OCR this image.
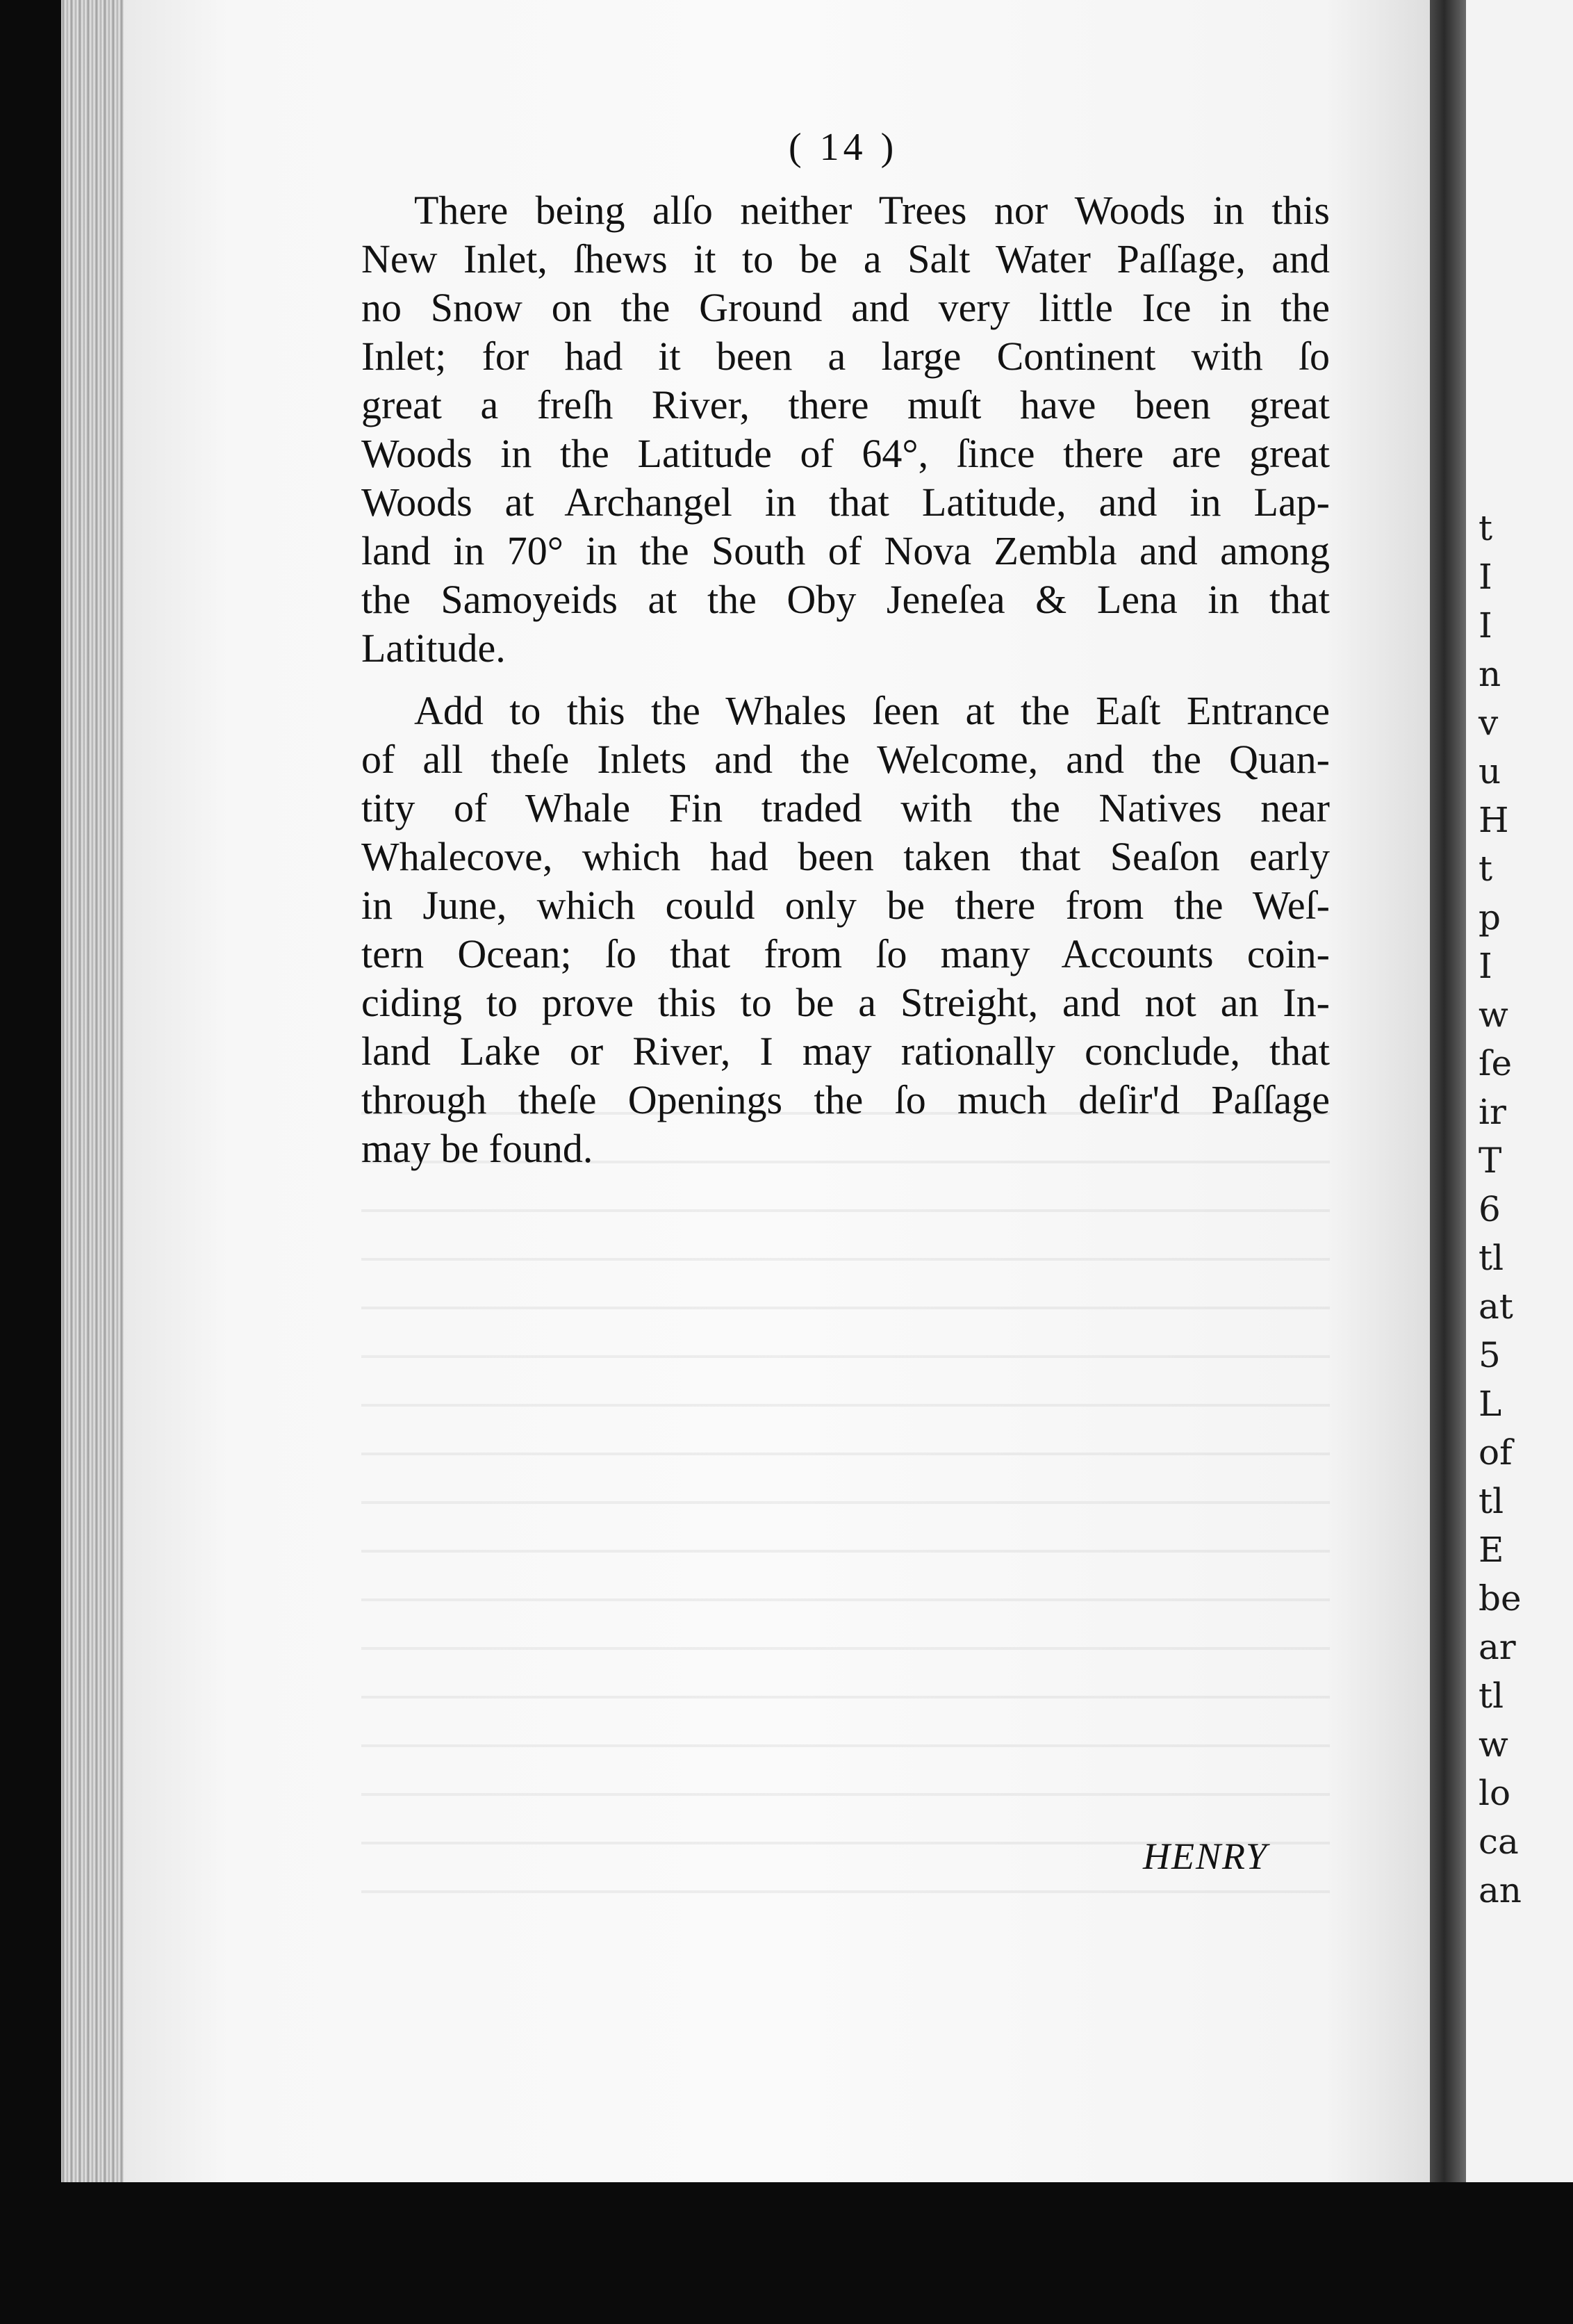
( 14 )
There being alſo neither Trees nor Woods in this
New Inlet, ſhews it to be a Salt Water Paſſage, and
no Snow on the Ground and very little Ice in the
Inlet; for had it been a large Continent with ſo
great a freſh River, there muſt have been great
Woods in the Latitude of 64°, ſince there are great
Woods at Archangel in that Latitude, and in Lap-
land in 70° in the South of Nova Zembla and among
the Samoyeids at the Oby Jeneſea & Lena in that
Latitude.
Add to this the Whales ſeen at the Eaſt Entrance
of all theſe Inlets and the Welcome, and the Quan-
tity of Whale Fin traded with the Natives near
Whalecove, which had been taken that Seaſon early
in June, which could only be there from the Weſ-
tern Ocean; ſo that from ſo many Accounts coin-
ciding to prove this to be a Streight, and not an In-
land Lake or River, I may rationally conclude, that
through theſe Openings the ſo much deſir'd Paſſage
may be found.
HENRY
t
I
I
n
v
u
H
t
p
I
w
ſe
ir
T
6
tl
at
5
L
of
tl
E
be
ar
tl
w
lo
ca
an
